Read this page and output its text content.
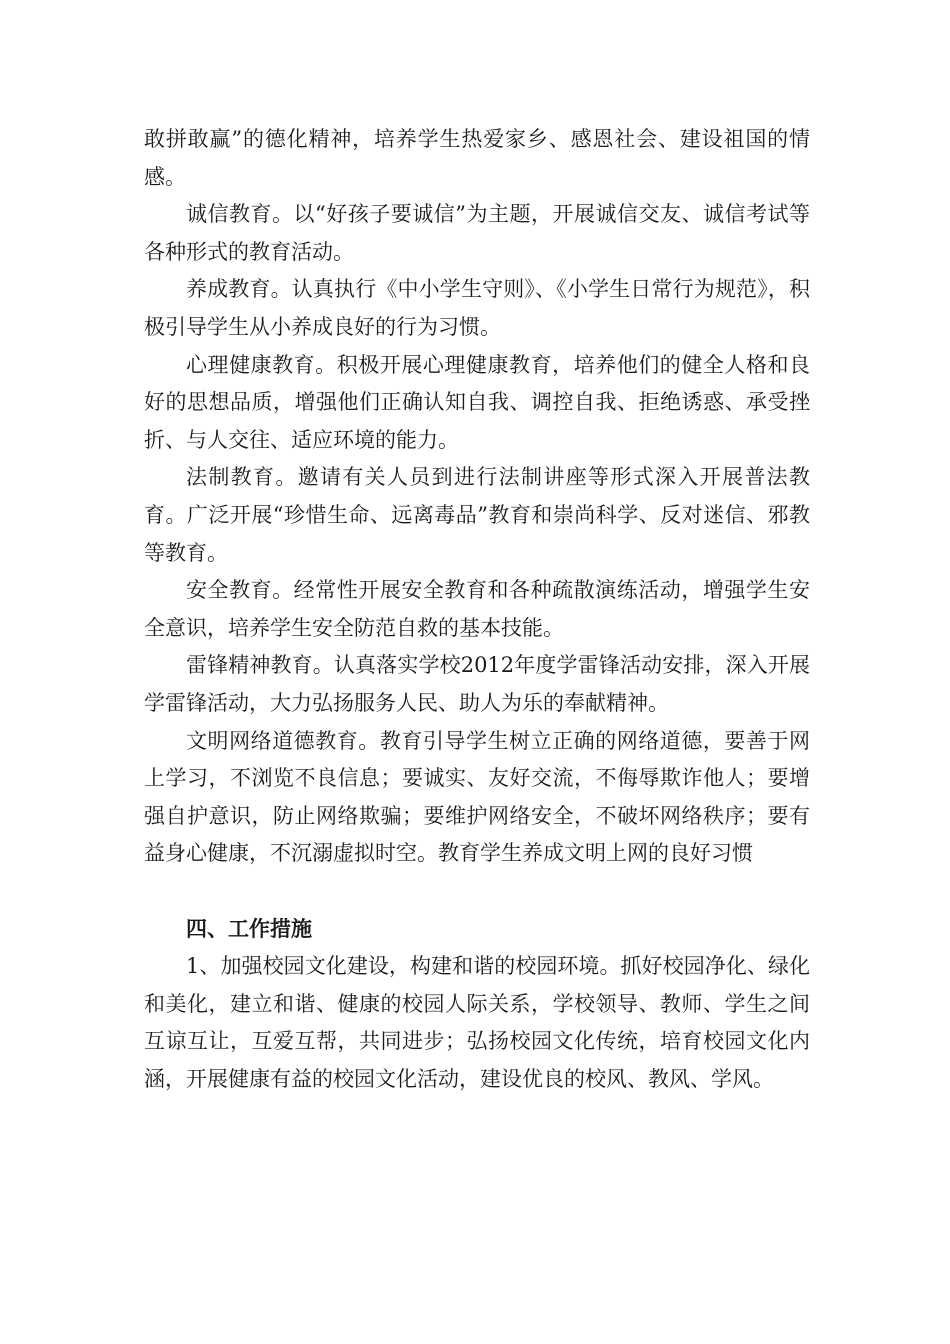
敢拼敢赢”的德化精神，培养学生热爱家乡、感恩社会、建设祖国的情感。

诚信教育。以“好孩子要诚信”为主题，开展诚信交友、诚信考试等各种形式的教育活动。

养成教育。认真执行《中小学生守则》、《小学生日常行为规范》，积极引导学生从小养成良好的行为习惯。

心理健康教育。积极开展心理健康教育，培养他们的健全人格和良好的思想品质，增强他们正确认知自我、调控自我、拒绝诱惑、承受挫折、与人交往、适应环境的能力。

法制教育。邀请有关人员到进行法制讲座等形式深入开展普法教育。广泛开展“珍惜生命、远离毒品”教育和崇尚科学、反对迷信、邪教等教育。

安全教育。经常性开展安全教育和各种疏散演练活动，增强学生安全意识，培养学生安全防范自救的基本技能。

雷锋精神教育。认真落实学校2012年度学雷锋活动安排，深入开展学雷锋活动，大力弘扬服务人民、助人为乐的奉献精神。

文明网络道德教育。教育引导学生树立正确的网络道德，要善于网上学习，不浏览不良信息；要诚实、友好交流，不侮辱欺诈他人；要增强自护意识，防止网络欺骗；要维护网络安全，不破坏网络秩序；要有益身心健康，不沉溺虚拟时空。教育学生养成文明上网的良好习惯

四、工作措施

1、加强校园文化建设，构建和谐的校园环境。抓好校园净化、绿化和美化，建立和谐、健康的校园人际关系，学校领导、教师、学生之间互谅互让，互爱互帮，共同进步；弘扬校园文化传统，培育校园文化内涵，开展健康有益的校园文化活动，建设优良的校风、教风、学风。
